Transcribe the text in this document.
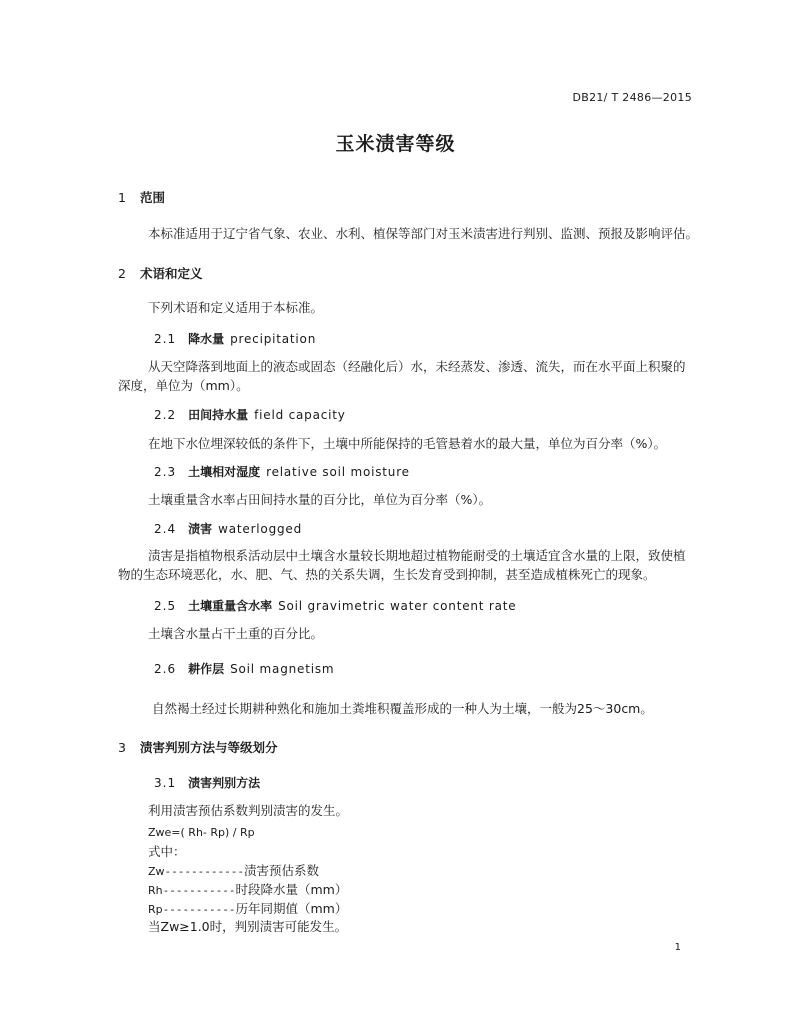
DB21/ T 2486—2015
玉米渍害等级
1 范围
本标准适用于辽宁省气象、农业、水利、植保等部门对玉米渍害进行判别、监测、预报及影响评估。
2 术语和定义
下列术语和定义适用于本标准。
2.1 降水量 precipitation
从天空降落到地面上的液态或固态（经融化后）水，未经蒸发、渗透、流失，而在水平面上积聚的深度，单位为（mm）。
2.2 田间持水量 field capacity
在地下水位埋深较低的条件下，土壤中所能保持的毛管悬着水的最大量，单位为百分率（%）。
2.3 土壤相对湿度 relative soil moisture
土壤重量含水率占田间持水量的百分比，单位为百分率（%）。
2.4 渍害 waterlogged
渍害是指植物根系活动层中土壤含水量较长期地超过植物能耐受的土壤适宜含水量的上限，致使植物的生态环境恶化，水、肥、气、热的关系失调，生长发育受到抑制，甚至造成植株死亡的现象。
2.5 土壤重量含水率 Soil gravimetric water content rate
土壤含水量占干土重的百分比。
2.6 耕作层 Soil magnetism
自然褐土经过长期耕种熟化和施加土粪堆积覆盖形成的一种人为土壤，一般为25～30cm。
3 渍害判别方法与等级划分
3.1 渍害判别方法
利用渍害预估系数判别渍害的发生。
Zwe=( Rh- Rp) / Rp
式中：
Zw------------渍害预估系数
Rh-----------时段降水量（mm）
Rp-----------历年同期值（mm）
当Zw≥1.0时，判别渍害可能发生。
1
